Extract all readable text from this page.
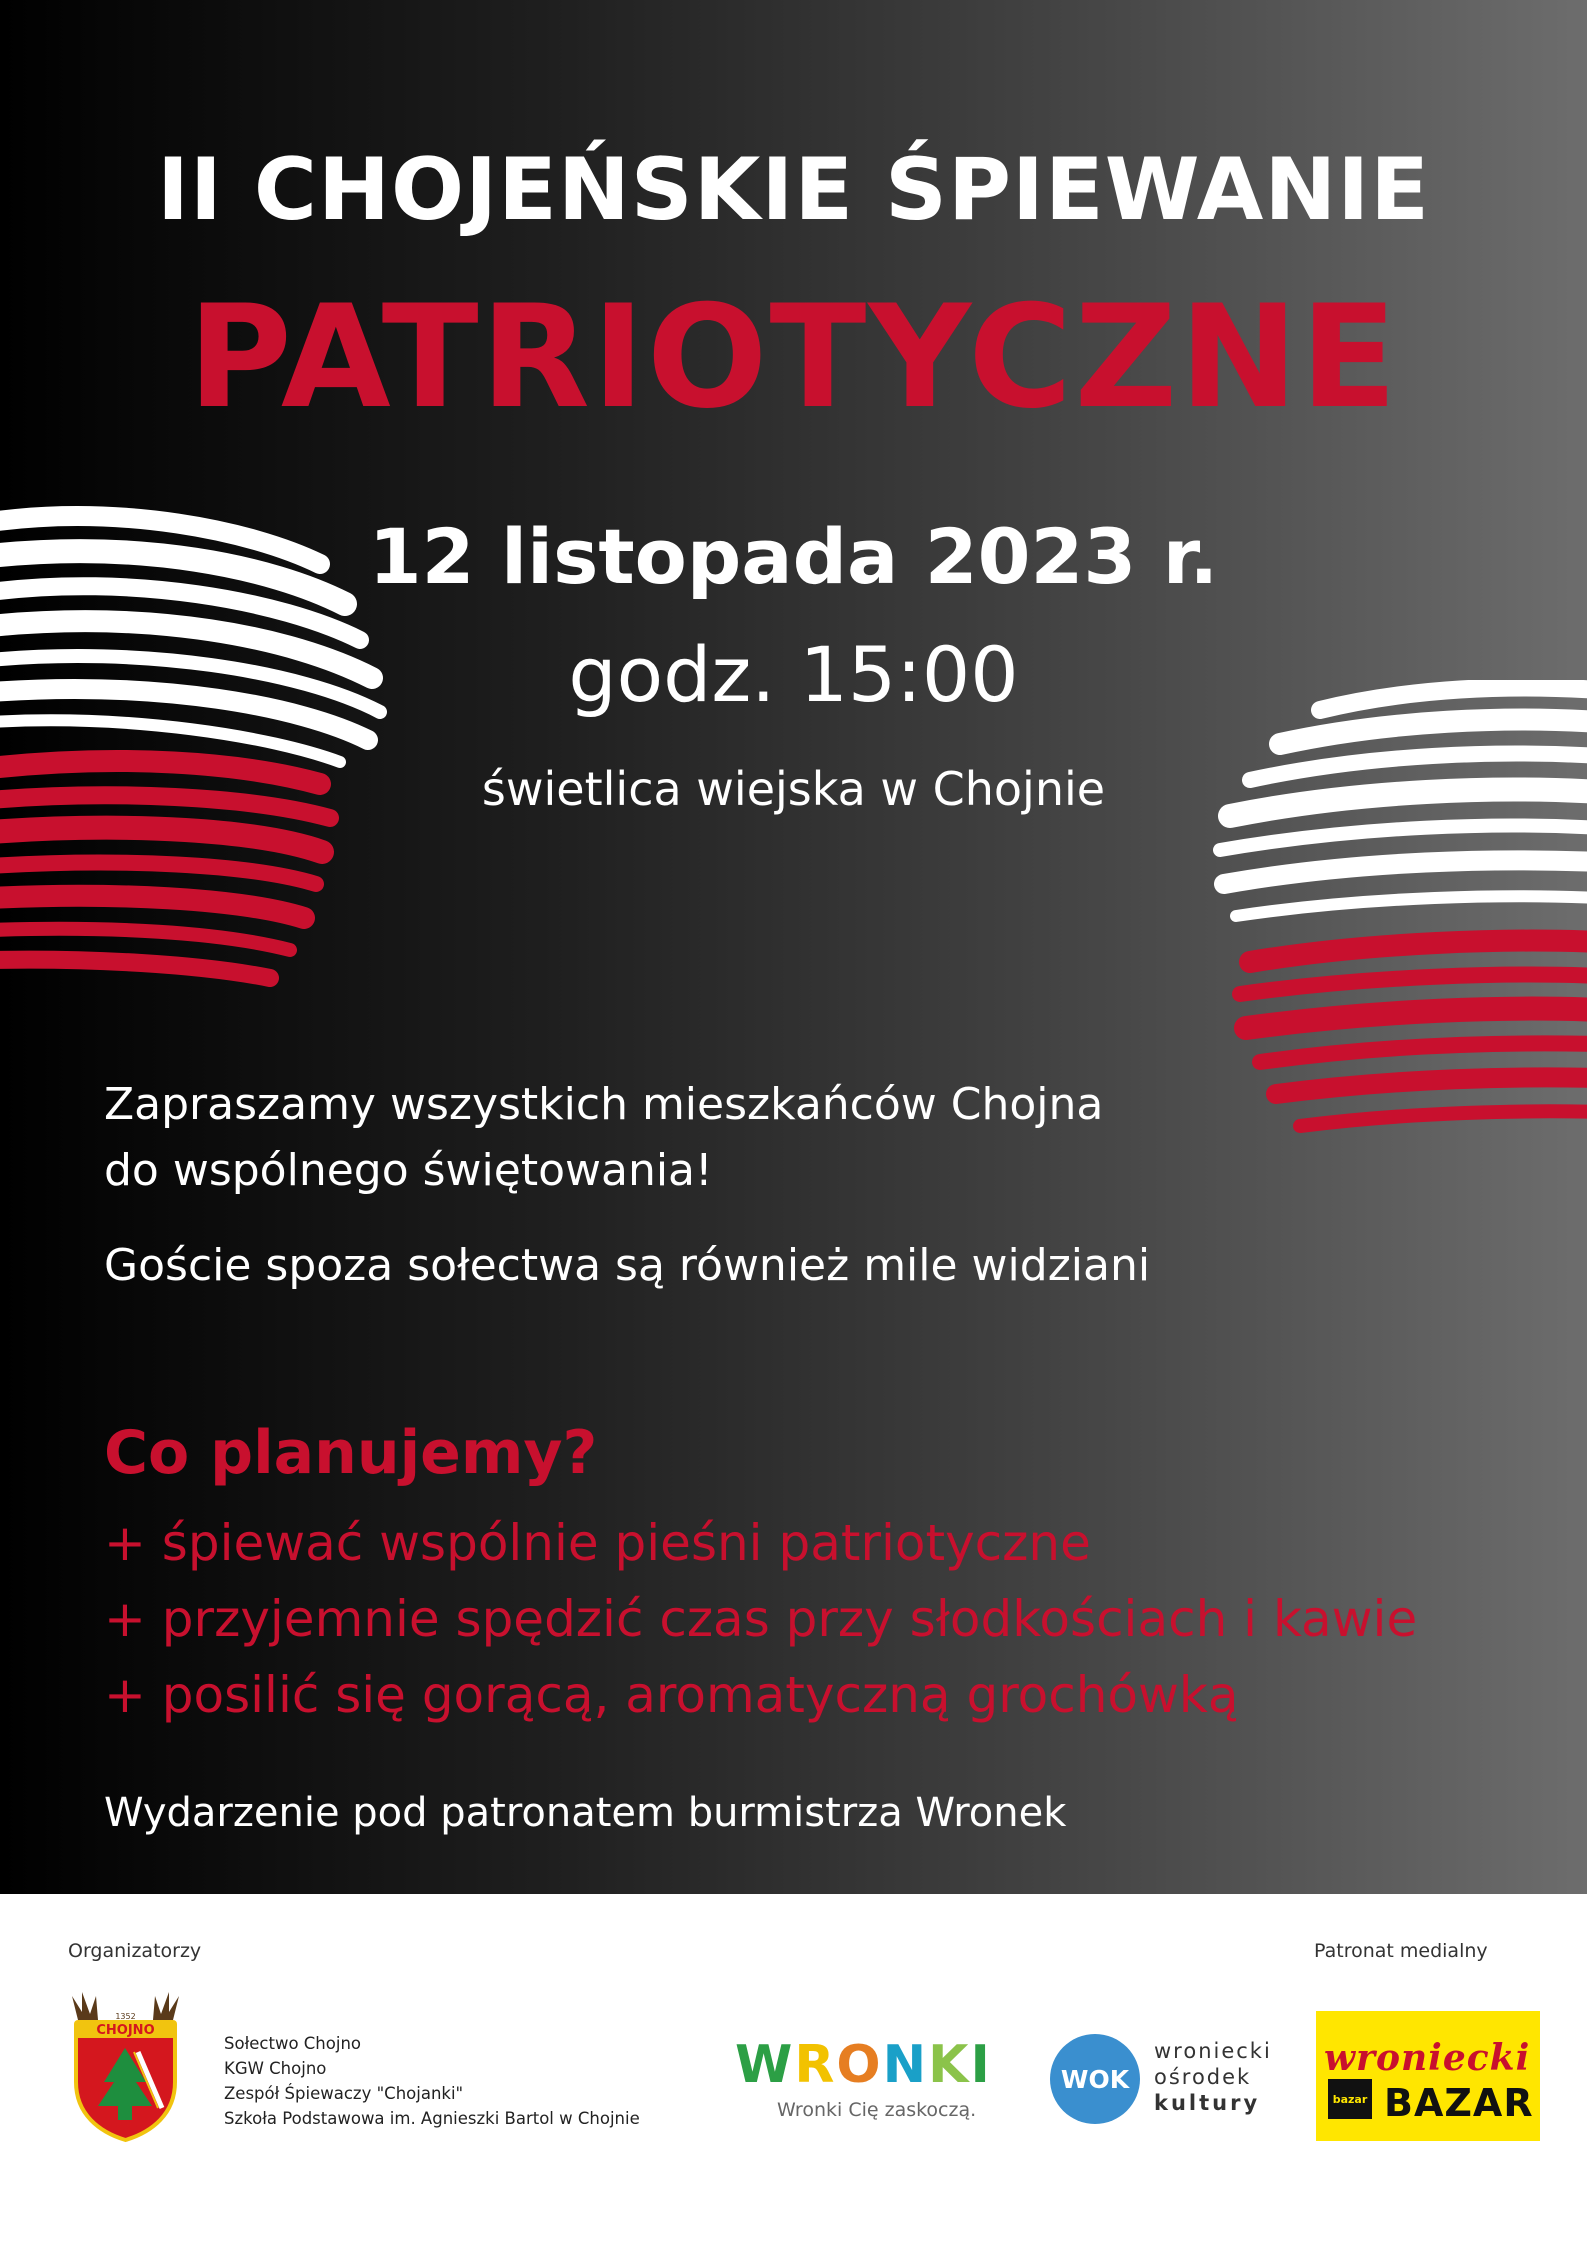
II CHOJEŃSKIE ŚPIEWANIE
PATRIOTYCZNE
12 listopada 2023 r.
godz. 15:00
świetlica wiejska w Chojnie
Zapraszamy wszystkich mieszkańców Chojna
do wspólnego świętowania!
Goście spoza sołectwa są również mile widziani
Co planujemy?
+ śpiewać wspólnie pieśni patriotyczne
+ przyjemnie spędzić czas przy słodkościach i kawie
+ posilić się gorącą, aromatyczną grochówką
Wydarzenie pod patronatem burmistrza Wronek
Organizatorzy	Patronat medialny
CHOJNO
1352
Sołectwo Chojno
KGW Chojno
Zespół Śpiewaczy "Chojanki"
Szkoła Podstawowa im. Agnieszki Bartol w Chojnie
WRONKI
Wronki Cię zaskoczą.
WOK
wroniecki
ośrodek
kultury
wroniecki
bazar BAZAR
